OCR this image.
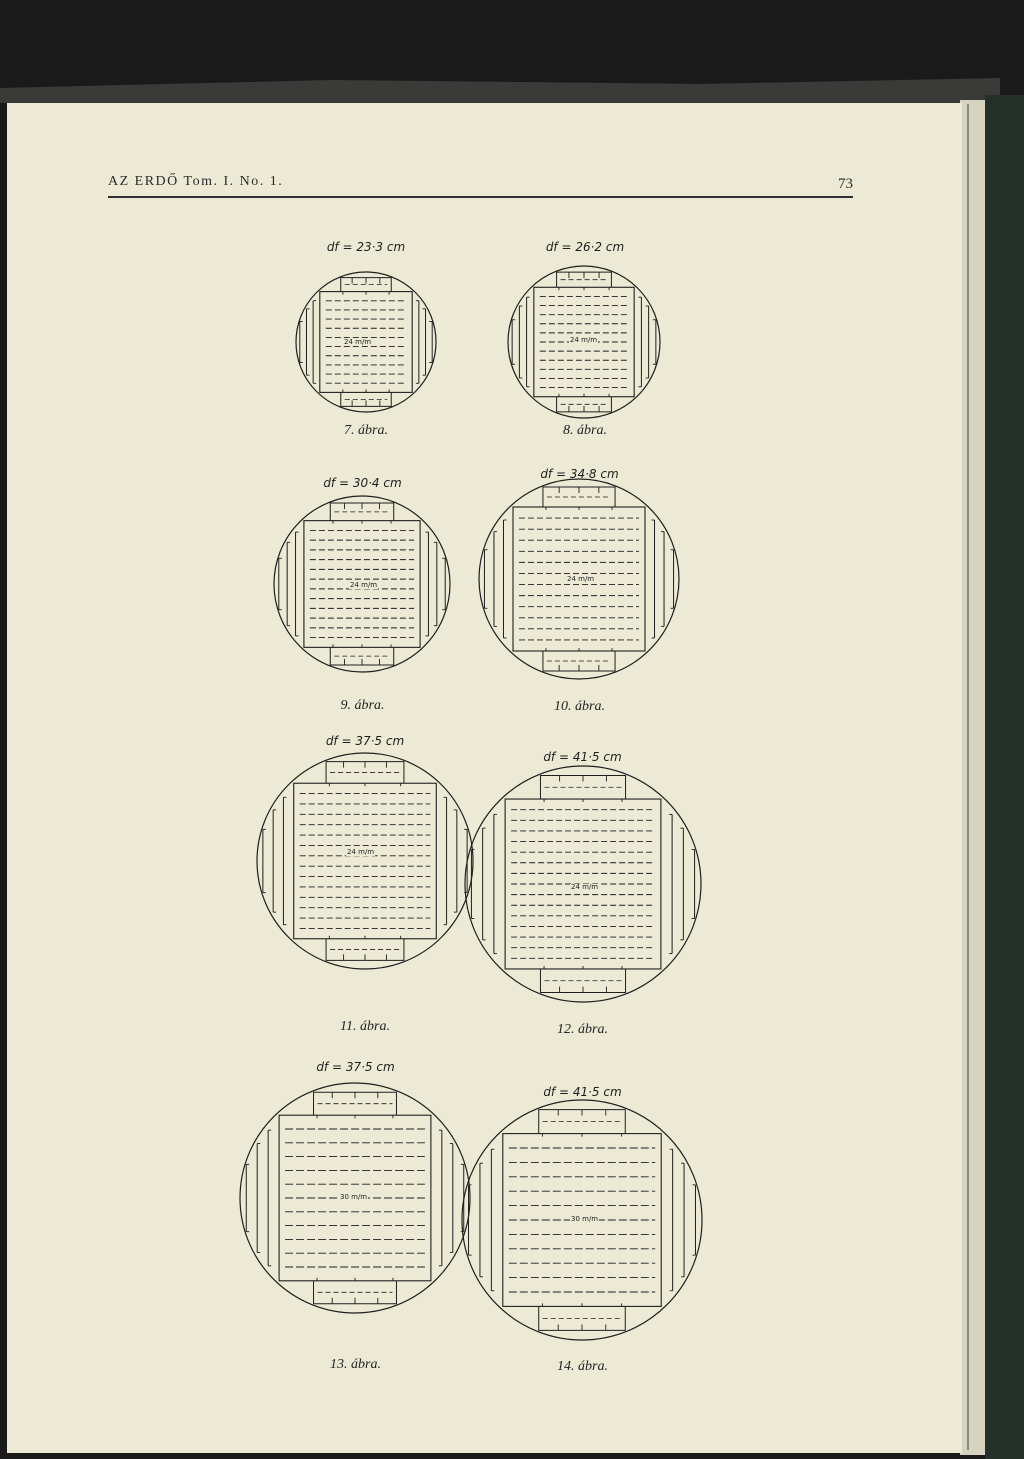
AZ ERDŐ Tom. I. No. 1.	73
df = 23·3 cm
24 m/m
7. ábra.
df = 26·2 cm
24 m/m
8. ábra.
df = 30·4 cm
24 m/m
9. ábra.
df = 34·8 cm
24 m/m
10. ábra.
df = 37·5 cm
24 m/m
11. ábra.
df = 41·5 cm
24 m/m
12. ábra.
df = 37·5 cm
30 m/m
13. ábra.
df = 41·5 cm
30 m/m
14. ábra.
